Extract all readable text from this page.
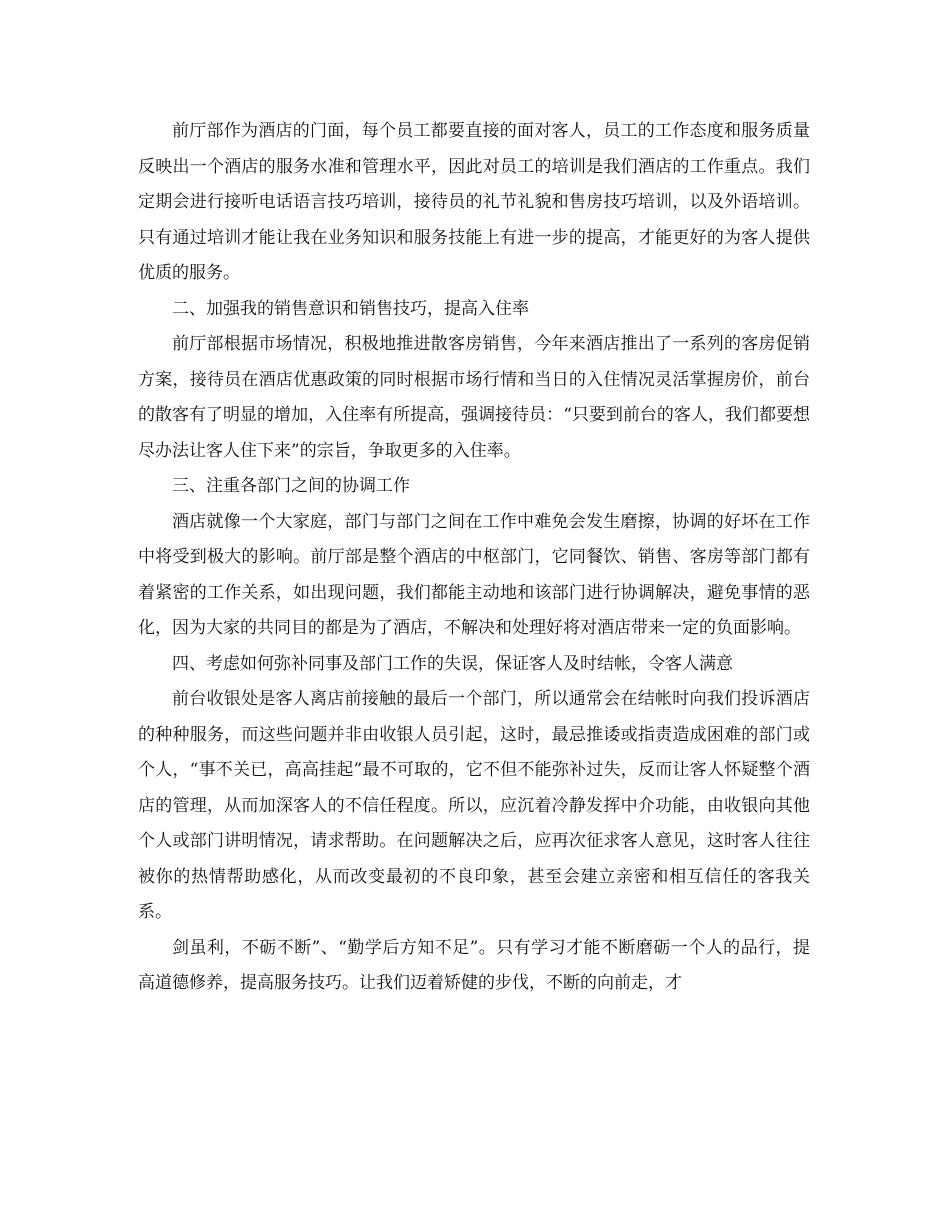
前厅部作为酒店的门面，每个员工都要直接的面对客人，员工的工作态度和服务质量反映出一个酒店的服务水准和管理水平，因此对员工的培训是我们酒店的工作重点。我们定期会进行接听电话语言技巧培训，接待员的礼节礼貌和售房技巧培训，以及外语培训。只有通过培训才能让我在业务知识和服务技能上有进一步的提高，才能更好的为客人提供优质的服务。

二、加强我的销售意识和销售技巧，提高入住率

前厅部根据市场情况，积极地推进散客房销售，今年来酒店推出了一系列的客房促销方案，接待员在酒店优惠政策的同时根据市场行情和当日的入住情况灵活掌握房价，前台的散客有了明显的增加，入住率有所提高，强调接待员：“只要到前台的客人，我们都要想尽办法让客人住下来”的宗旨，争取更多的入住率。

三、注重各部门之间的协调工作

酒店就像一个大家庭，部门与部门之间在工作中难免会发生磨擦，协调的好坏在工作中将受到极大的影响。前厅部是整个酒店的中枢部门，它同餐饮、销售、客房等部门都有着紧密的工作关系，如出现问题，我们都能主动地和该部门进行协调解决，避免事情的恶化，因为大家的共同目的都是为了酒店，不解决和处理好将对酒店带来一定的负面影响。

四、考虑如何弥补同事及部门工作的失误，保证客人及时结帐，令客人满意

前台收银处是客人离店前接触的最后一个部门，所以通常会在结帐时向我们投诉酒店的种种服务，而这些问题并非由收银人员引起，这时，最忌推诿或指责造成困难的部门或个人，“事不关已，高高挂起”最不可取的，它不但不能弥补过失，反而让客人怀疑整个酒店的管理，从而加深客人的不信任程度。所以，应沉着冷静发挥中介功能，由收银向其他个人或部门讲明情况，请求帮助。在问题解决之后，应再次征求客人意见，这时客人往往被你的热情帮助感化，从而改变最初的不良印象，甚至会建立亲密和相互信任的客我关系。

剑虽利，不砺不断”、“勤学后方知不足”。只有学习才能不断磨砺一个人的品行，提高道德修养，提高服务技巧。让我们迈着矫健的步伐，不断的向前走，才
